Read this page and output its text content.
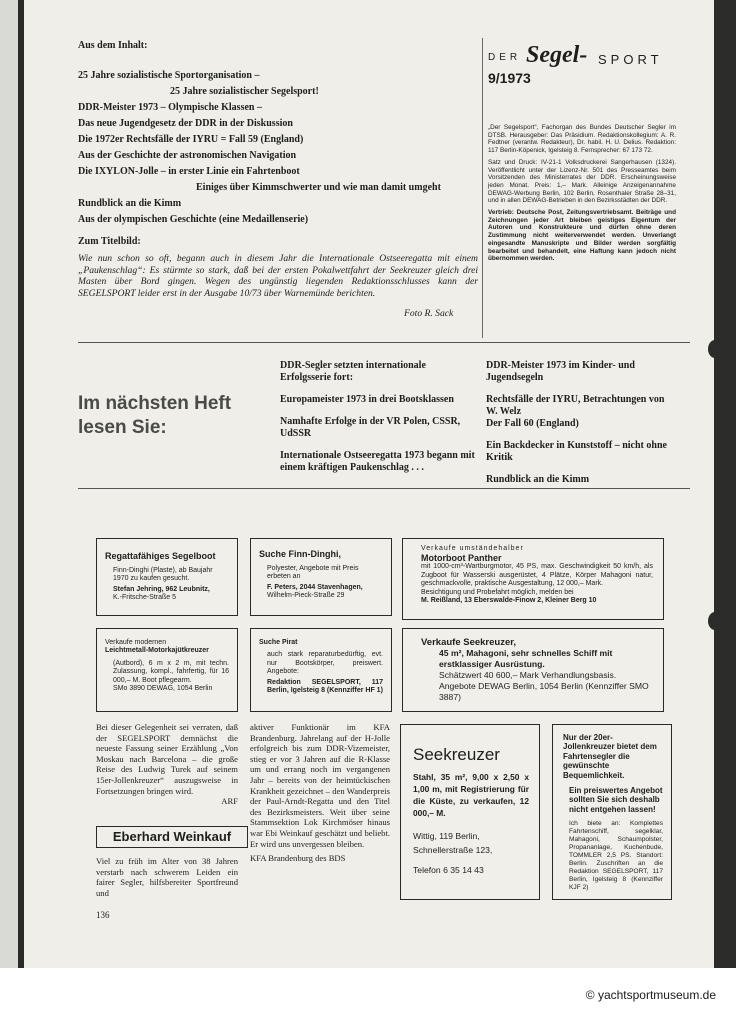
Aus dem Inhalt:
25 Jahre sozialistische Sportorganisation –
25 Jahre sozialistischer Segelsport!
DDR-Meister 1973 – Olympische Klassen –
Das neue Jugendgesetz der DDR in der Diskussion
Die 1972er Rechtsfälle der IYRU = Fall 59 (England)
Aus der Geschichte der astronomischen Navigation
Die IXYLON-Jolle – in erster Linie ein Fahrtenboot
Einiges über Kimmschwerter und wie man damit umgeht
Rundblick an die Kimm
Aus der olympischen Geschichte (eine Medaillenserie)
DER Segel- SPORT
9/1973

„Der Segelsport“, Fachorgan des Bundes Deutscher Segler im DTSB. Herausgeber: Das Präsidium. Redaktionskollegium: A. R. Fedtner (verantw. Redakteur), Dr. habil. H. U. Delius. Redaktion: 117 Berlin-Köpenick, Igelsteig 8. Fernsprecher: 67 173 72.

Satz und Druck: IV-21-1 Volksdruckerei Sangerhausen (1324). Veröffentlicht unter der Lizenz-Nr. 501 des Presseamtes beim Vorsitzenden des Ministerrates der DDR. Erscheinungsweise jeden Monat. Preis: 1,– Mark. Alleinige Anzeigenannahme DEWAG-Werbung Berlin, 102 Berlin, Rosenthaler Straße 28–31, und in allen DEWAG-Betrieben in den Bezirksstädten der DDR.

Vertrieb: Deutsche Post, Zeitungsvertriebsamt. Beiträge und Zeichnungen jeder Art bleiben geistiges Eigentum der Autoren und Konstrukteure und dürfen ohne deren Zustimmung nicht weiterverwendet werden. Unverlangt eingesandte Manuskripte und Bilder werden sorgfältig bearbeitet und behandelt, eine Haftung kann jedoch nicht übernommen werden.

Zum Titelbild:
Wie nun schon so oft, begann auch in diesem Jahr die Internationale Ostseeregatta mit einem „Paukenschlag“: Es stürmte so stark, daß bei der ersten Pokalwettfahrt der Seekreuzer gleich drei Masten über Bord gingen. Wegen des ungünstig liegenden Redaktionsschlusses kann der SEGELSPORT leider erst in der Ausgabe 10/73 über Warnemünde berichten.
Foto R. Sack
Im nächsten Heft lesen Sie:

DDR-Segler setzten internationale Erfolgsserie fort:

Europameister 1973 in drei Bootsklassen

Namhafte Erfolge in der VR Polen, CSSR, UdSSR

Internationale Ostseeregatta 1973 begann mit einem kräftigen Paukenschlag . . .

DDR-Meister 1973 im Kinder- und Jugendsegeln

Rechtsfälle der IYRU, Betrachtungen von W. Welz

Der Fall 60 (England)

Ein Backdecker in Kunststoff – nicht ohne Kritik

Rundblick an die Kimm

Regattafähiges Segelboot

Finn-Dinghi (Plaste), ab Baujahr 1970 zu kaufen gesucht.

Stefan Jehring, 962 Leubnitz,

K.-Fritsche-Straße 5

Suche Finn-Dinghi,

Polyester, Angebote mit Preis erbeten an

F. Peters, 2044 Stavenhagen,

Wilhelm-Pieck-Straße 29

Verkaufe umständehalber
Motorboot Panther

mit 1000-cm³-Wartburgmotor, 45 PS, max. Geschwindigkeit 50 km/h, als Zugboot für Wasserski ausgerüstet, 4 Plätze, Körper Mahagoni natur, geschmackvolle, praktische Ausgestaltung, 12 000,– Mark.

Besichtigung und Probefahrt möglich, melden bei

M. Reißland, 13 Eberswalde-Finow 2, Kleiner Berg 10

Verkaufe modernen
Leichtmetall-Motorkajütkreuzer

(Autbord), 6 m x 2 m, mit techn. Zulassung, kompl., fahrfertig, für 16 000,– M. Boot pflegearm.

SMo 3890 DEWAG, 1054 Berlin

Suche Pirat

auch stark reparaturbedürftig, evt. nur Bootskörper, preiswert. Angebote:

Redaktion SEGELSPORT, 117 Berlin, Igelsteig 8 (Kennziffer HF 1)

Verkaufe Seekreuzer,

45 m², Mahagoni, sehr schnelles Schiff mit erstklassiger Ausrüstung.

Schätzwert 40 600,– Mark Verhandlungsbasis.

Angebote DEWAG Berlin, 1054 Berlin (Kennziffer SMO 3887)

Bei dieser Gelegenheit sei verraten, daß der SEGELSPORT demnächst die neueste Fassung seiner Erzählung „Von Moskau nach Barcelona – die große Reise des Ludwig Turek auf seinem 15er-Jollenkreuzer“ auszugsweise in Fortsetzungen bringen wird.

ARF

Eberhard Weinkauf

Viel zu früh im Alter von 38 Jahren verstarb nach schwerem Leiden ein fairer Segler, hilfsbereiter Sportfreund und

aktiver Funktionär im KFA Brandenburg. Jahrelang auf der H-Jolle erfolgreich bis zum DDR-Vizemeister, stieg er vor 3 Jahren auf die R-Klasse um und errang noch im vergangenen Jahr – bereits von der heimtückischen Krankheit gezeichnet – den Wanderpreis der Paul-Arndt-Regatta und den Titel des Bezirksmeisters. Weit über seine Stammsektion Lok Kirchmöser hinaus war Ebi Weinkauf geschätzt und beliebt. Er wird uns unvergessen bleiben.

KFA Brandenburg des BDS

Seekreuzer
Stahl, 35 m², 9,00 x 2,50 x 1,00 m, mit Registrierung für die Küste, zu verkaufen, 12 000,– M.
Wittig, 119 Berlin,
Schnellerstraße 123,
Telefon 6 35 14 43
Nur der 20er-Jollenkreuzer bietet dem Fahrtensegler die gewünschte Bequemlichkeit.
Ein preiswertes Angebot sollten Sie sich deshalb nicht entgehen lassen!
Ich biete an: Komplettes Fahrtenschiff, segelklar, Mahagoni, Schaumpolster, Propananlage, Kuchenbude, TOMMLER 2,5 PS. Standort: Berlin. Zuschriften an die Redaktion SEGELSPORT, 117 Berlin, Igelsteig 8 (Kennziffer KJF 2)
136
© yachtsportmuseum.de
